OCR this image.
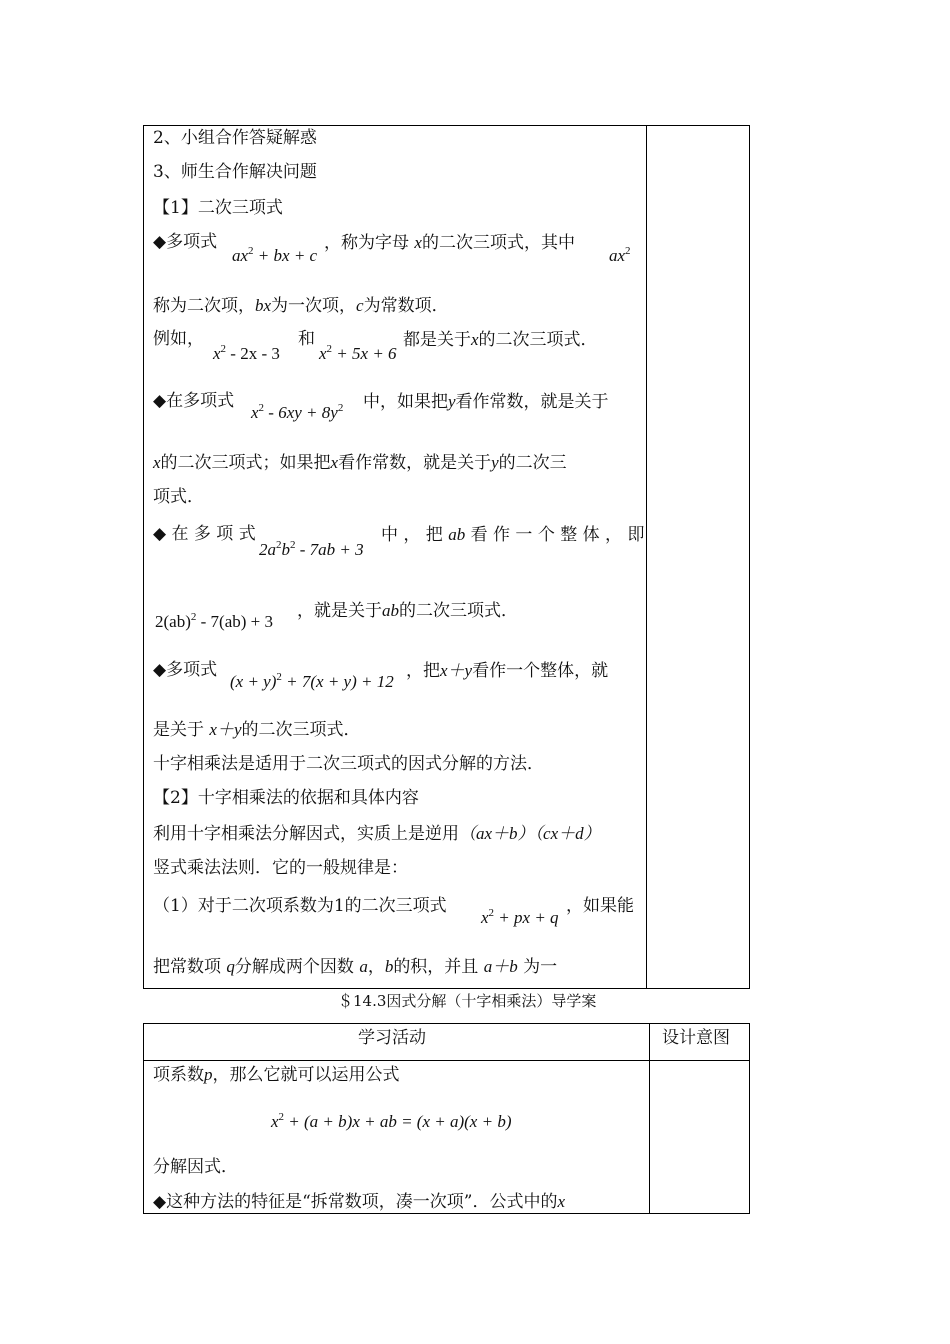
2、小组合作答疑解惑
3、师生合作解决问题
【1】二次三项式
◆多项式
$ax^2$ + bx + c
，称为字母 x的二次三项式，其中
$ax^2$
称为二次项，bx为一次项，c为常数项．
例如，
$x^2 - 2x - 3$
和
$x^2 + 5x + 6$
都是关于x的二次三项式．
◆在多项式
$x^2 - 6xy + 8y^2$ 中，如果把y看作常数，就是关于
x的二次三项式；如果把x看作常数，就是关于y的二次三
项式．
◆ 在 多 项 式
$2a^2b^2 - 7ab + 3$
中 ， 把 ab 看 作 一 个 整 体 ， 即
2(ab)$^2$ - 7(ab) + 3
，就是关于ab的二次三项式．
◆多项式
$(x + y)^2 + 7(x + y) + 12$
，把x＋y看作一个整体，就
是关于 x＋y的二次三项式．
十字相乘法是适用于二次三项式的因式分解的方法．
【2】十字相乘法的依据和具体内容
利用十字相乘法分解因式，实质上是逆用（ax＋b）（cx＋d）
竖式乘法法则．它的一般规律是：
（1）对于二次项系数为1的二次三项式
$x^2$ + px + q
，如果能
把常数项 q分解成两个因数 a，b的积，并且 a＋b 为一
＄14.3因式分解（十字相乘法）导学案
学习活动	设计意图
项系数p，那么它就可以运用公式
$x^2 + (a + b)x$ + ab = (x + a)(x + b)
分解因式．
◆这种方法的特征是“拆常数项，凑一次项”．公式中的x
